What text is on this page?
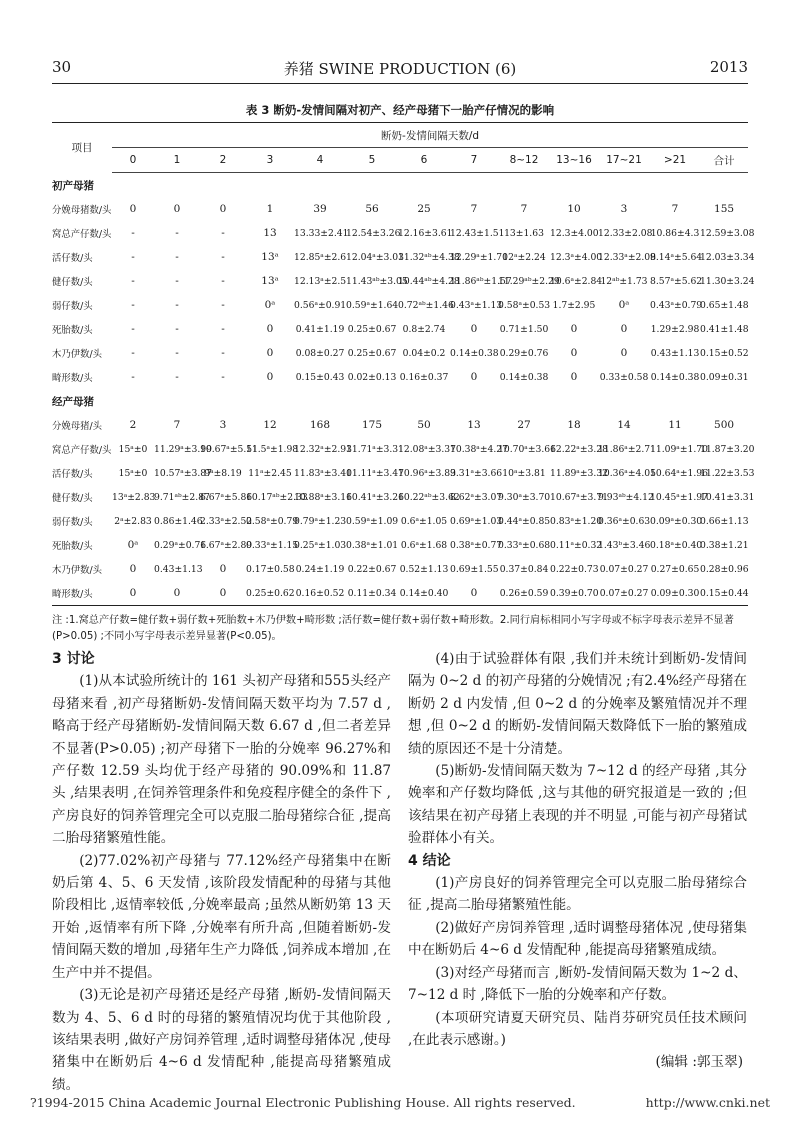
30	养猪 SWINE PRODUCTION (6)	2013
表 3 断奶-发情间隔对初产、经产母猪下一胎产仔情况的影响
项目	断奶-发情间隔天数/d												
	0	1	2	3	4	5	6	7	8~12	13~16	17~21	>21	合计
初产母猪													
分娩母猪数/头	0	0	0	1	39	56	25	7	7	10	3	7	155
窝总产仔数/头	-	-	-	13	13.33±2.41	12.54±3.26	12.16±3.61	12.43±1.51	13±1.63	12.3±4.00	12.33±2.08	10.86±4.3	12.59±3.08
活仔数/头	-	-	-	13ᵃ	12.85ᵃ±2.6	12.04ᵃ±3.03	11.32ᵃᵇ±4.38	12.29ᵃ±1.70	12ᵃ±2.24	12.3ᵃ±4.00	12.33ᵃ±2.08	9.14ᵃ±5.64	12.03±3.34
健仔数/头	-	-	-	13ᵃ	12.13ᵃ±2.5	11.43ᵃᵇ±3.05	10.44ᵃᵇ±4.28	11.86ᵃᵇ±1.57	11.29ᵃᵇ±2.29	10.6ᵃ±2.84	12ᵃᵇ±1.73	8.57ᵃ±5.62	11.30±3.24
弱仔数/头	-	-	-	0ᵃ	0.56ᵃ±0.91	0.59ᵃ±1.64	0.72ᵃᵇ±1.46	0.43ᵃ±1.13	0.58ᵃ±0.53	1.7±2.95	0ᵃ	0.43ᵃ±0.79	0.65±1.48
死胎数/头	-	-	-	0	0.41±1.19	0.25±0.67	0.8±2.74	0	0.71±1.50	0	0	1.29±2.98	0.41±1.48
木乃伊数/头	-	-	-	0	0.08±0.27	0.25±0.67	0.04±0.2	0.14±0.38	0.29±0.76	0	0	0.43±1.13	0.15±0.52
畸形数/头	-	-	-	0	0.15±0.43	0.02±0.13	0.16±0.37	0	0.14±0.38	0	0.33±0.58	0.14±0.38	0.09±0.31
经产母猪													
分娩母猪/头	2	7	3	12	168	175	50	13	27	18	14	11	500
窝总产仔数/头	15ᵃ±0	11.29ᵃ±3.99	10.67ᵃ±5.51	11.5ᵃ±1.98	12.32ᵃ±2.93	11.71ᵃ±3.31	12.08ᵃ±3.37	10.38ᵃ±4.27	10.70ᵃ±3.66	12.22ᵃ±3.28	11.86ᵃ±2.71	11.09ᵃ±1.70	11.87±3.20
活仔数/头	15ᵃ±0	10.57ᵃ±3.87	9ᵃ±8.19	11ᵃ±2.45	11.83ᵃ±3.40	11.11ᵃ±3.47	10.96ᵃ±3.83	9.31ᵃ±3.66	10ᵃ±3.81	11.89ᵃ±3.32	10.36ᵃ±4.05	10.64ᵃ±1.96	11.22±3.53
健仔数/头	13ᵃ±2.83	9.71ᵃᵇ±2.87	6.67ᵃ±5.86	10.17ᵃᵇ±2.33	10.88ᵃ±3.16	10.41ᵃ±3.26	10.22ᵃᵇ±3.62	8.62ᵃ±3.07	9.30ᵃ±3.70	10.67ᵃ±3.71	9.93ᵃᵇ±4.12	10.45ᵃ±1.97	10.41±3.31
弱仔数/头	2ᵃ±2.83	0.86±1.46	2.33ᵃ±2.52	0.58ᵃ±0.79	0.79ᵃ±1.23	0.59ᵃ±1.09	0.6ᵃ±1.05	0.69ᵃ±1.03	0.44ᵃ±0.85	0.83ᵃ±1.20	0.36ᵃ±0.63	0.09ᵃ±0.30	0.66±1.13
死胎数/头	0ᵃ	0.29ᵃ±0.76	1.67ᵃ±2.89	0.33ᵃ±1.15	0.25ᵃ±1.03	0.38ᵃ±1.01	0.6ᵃ±1.68	0.38ᵃ±0.77	0.33ᵃ±0.68	0.11ᵃ±0.32	1.43ᵇ±3.46	0.18ᵃ±0.40	0.38±1.21
木乃伊数/头	0	0.43±1.13	0	0.17±0.58	0.24±1.19	0.22±0.67	0.52±1.13	0.69±1.55	0.37±0.84	0.22±0.73	0.07±0.27	0.27±0.65	0.28±0.96
畸形数/头	0	0	0	0.25±0.62	0.16±0.52	0.11±0.34	0.14±0.40	0	0.26±0.59	0.39±0.70	0.07±0.27	0.09±0.30	0.15±0.44
注 :1.窝总产仔数=健仔数+弱仔数+死胎数+木乃伊数+畸形数 ;活仔数=健仔数+弱仔数+畸形数。2.同行肩标相同小写字母或不标字母表示差异不显著(P>0.05) ;不同小写字母表示差异显著(P<0.05)。
3 讨论

(1)从本试验所统计的 161 头初产母猪和555头经产母猪来看 ,初产母猪断奶-发情间隔天数平均为 7.57 d ,略高于经产母猪断奶-发情间隔天数 6.67 d ,但二者差异不显著(P>0.05) ;初产母猪下一胎的分娩率 96.27%和产仔数 12.59 头均优于经产母猪的 90.09%和 11.87 头 ,结果表明 ,在饲养管理条件和免疫程序健全的条件下 ,产房良好的饲养管理完全可以克服二胎母猪综合征 ,提高二胎母猪繁殖性能。

(2)77.02%初产母猪与 77.12%经产母猪集中在断奶后第 4、5、6 天发情 ,该阶段发情配种的母猪与其他阶段相比 ,返情率较低 ,分娩率最高 ;虽然从断奶第 13 天开始 ,返情率有所下降 ,分娩率有所升高 ,但随着断奶-发情间隔天数的增加 ,母猪年生产力降低 ,饲养成本增加 ,在生产中并不提倡。

(3)无论是初产母猪还是经产母猪 ,断奶-发情间隔天数为 4、5、6 d 时的母猪的繁殖情况均优于其他阶段 ,该结果表明 ,做好产房饲养管理 ,适时调整母猪体况 ,使母猪集中在断奶后 4~6 d 发情配种 ,能提高母猪繁殖成绩。

(4)由于试验群体有限 ,我们并未统计到断奶-发情间隔为 0~2 d 的初产母猪的分娩情况 ;有2.4%经产母猪在断奶 2 d 内发情 ,但 0~2 d 的分娩率及繁殖情况并不理想 ,但 0~2 d 的断奶-发情间隔天数降低下一胎的繁殖成绩的原因还不是十分清楚。

(5)断奶-发情间隔天数为 7~12 d 的经产母猪 ,其分娩率和产仔数均降低 ,这与其他的研究报道是一致的 ;但该结果在初产母猪上表现的并不明显 ,可能与初产母猪试验群体小有关。

4 结论

(1)产房良好的饲养管理完全可以克服二胎母猪综合征 ,提高二胎母猪繁殖性能。

(2)做好产房饲养管理 ,适时调整母猪体况 ,使母猪集中在断奶后 4~6 d 发情配种 ,能提高母猪繁殖成绩。

(3)对经产母猪而言 ,断奶-发情间隔天数为 1~2 d、7~12 d 时 ,降低下一胎的分娩率和产仔数。

(本项研究请夏天研究员、陆肖芬研究员任技术顾问 ,在此表示感谢。)

(编辑 :郭玉翠)

?1994-2015 China Academic Journal Electronic Publishing House. All rights reserved.	http://www.cnki.net
